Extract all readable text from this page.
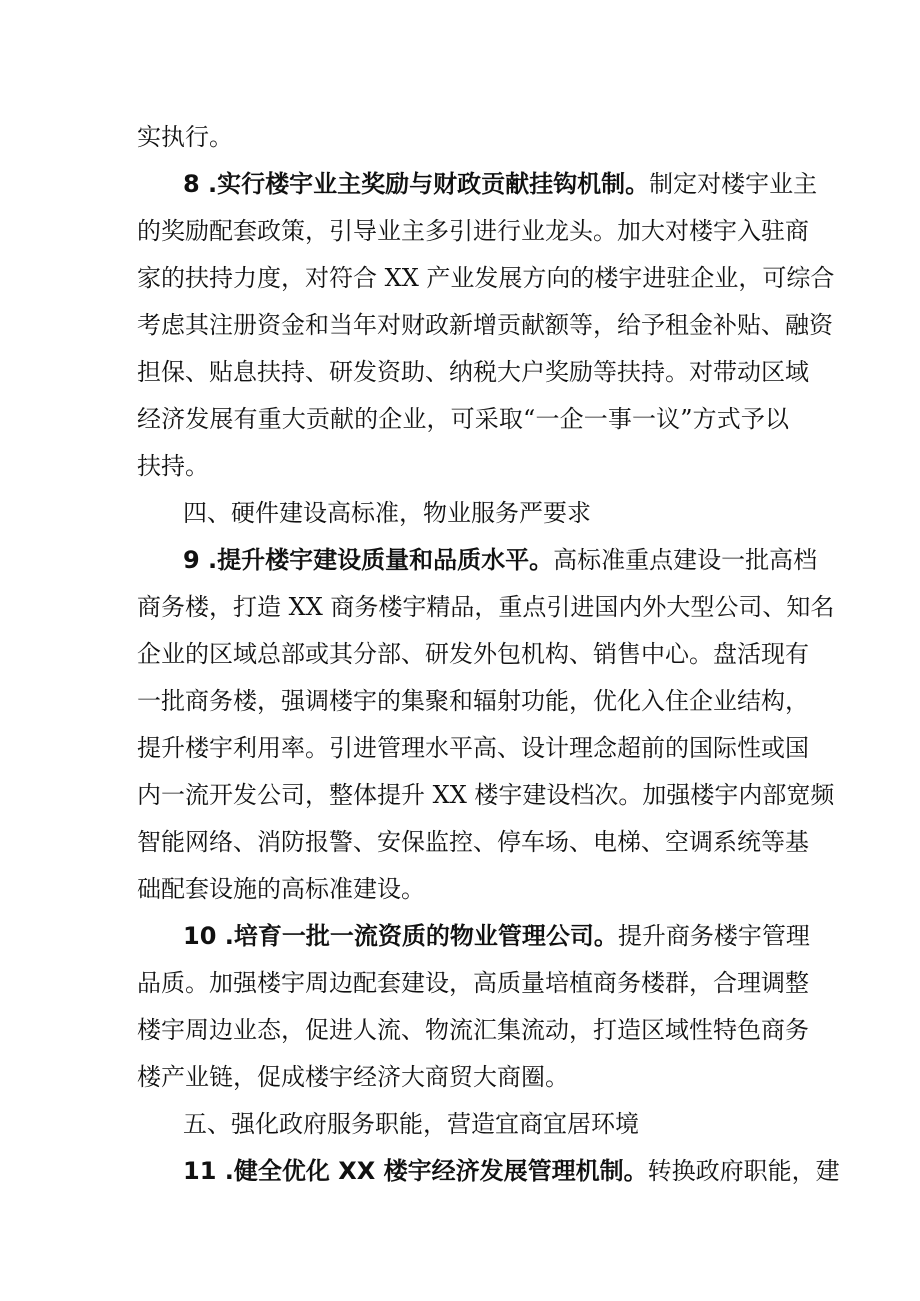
实执行。
8 .实行楼宇业主奖励与财政贡献挂钩机制。制定对楼宇业主
的奖励配套政策，引导业主多引进行业龙头。加大对楼宇入驻商
家的扶持力度，对符合 XX 产业发展方向的楼宇进驻企业，可综合
考虑其注册资金和当年对财政新增贡献额等，给予租金补贴、融资
担保、贴息扶持、研发资助、纳税大户奖励等扶持。对带动区域
经济发展有重大贡献的企业，可采取“一企一事一议”方式予以
扶持。
四、硬件建设高标准，物业服务严要求
9 .提升楼宇建设质量和品质水平。高标准重点建设一批高档
商务楼，打造 XX 商务楼宇精品，重点引进国内外大型公司、知名
企业的区域总部或其分部、研发外包机构、销售中心。盘活现有
一批商务楼，强调楼宇的集聚和辐射功能，优化入住企业结构，
提升楼宇利用率。引进管理水平高、设计理念超前的国际性或国
内一流开发公司，整体提升 XX 楼宇建设档次。加强楼宇内部宽频
智能网络、消防报警、安保监控、停车场、电梯、空调系统等基
础配套设施的高标准建设。
10 .培育一批一流资质的物业管理公司。提升商务楼宇管理
品质。加强楼宇周边配套建设，高质量培植商务楼群，合理调整
楼宇周边业态，促进人流、物流汇集流动，打造区域性特色商务
楼产业链，促成楼宇经济大商贸大商圈。
五、强化政府服务职能，营造宜商宜居环境
11 .健全优化 XX 楼宇经济发展管理机制。转换政府职能，建
